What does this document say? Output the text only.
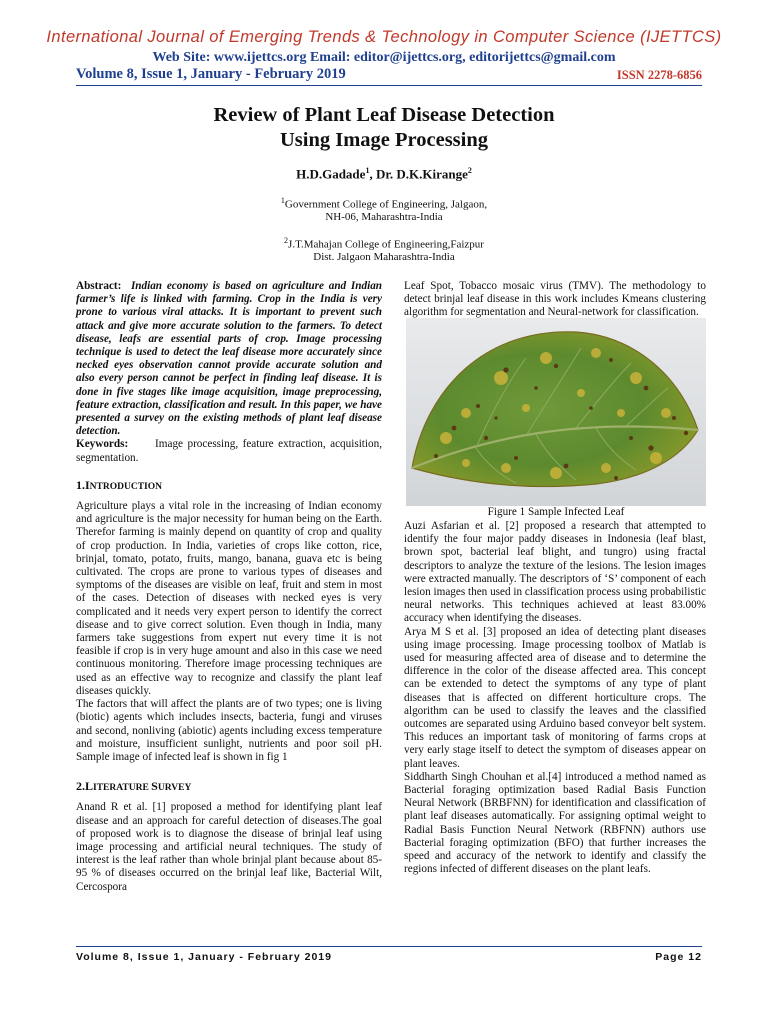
International Journal of Emerging Trends & Technology in Computer Science (IJETTCS)
Web Site: www.ijettcs.org Email: editor@ijettcs.org, editorijettcs@gmail.com
Volume 8, Issue 1, January - February 2019	ISSN 2278-6856
Review of Plant Leaf Disease Detection
Using Image Processing
H.D.Gadade$^1$, Dr. D.K.Kirange$^2$
$^1$Government College of Engineering, Jalgaon,
NH-06, Maharashtra-India
$^2$J.T.Mahajan College of Engineering,Faizpur
Dist. Jalgaon Maharashtra-India

Abstract: Indian economy is based on agriculture and Indian farmer’s life is linked with farming. Crop in the India is very prone to various viral attacks. It is important to prevent such attack and give more accurate solution to the farmers. To detect disease, leafs are essential parts of crop. Image processing technique is used to detect the leaf disease more accurately since necked eyes observation cannot provide accurate solution and also every person cannot be perfect in finding leaf disease. It is done in five stages like image acquisition, image preprocessing, feature extraction, classification and result. In this paper, we have presented a survey on the existing methods of plant leaf disease detection.

Keywords: Image processing, feature extraction, acquisition, segmentation.

1.INTRODUCTION

Agriculture plays a vital role in the increasing of Indian economy and agriculture is the major necessity for human being on the Earth. Therefor farming is mainly depend on quantity of crop and quality of crop production. In India, varieties of crops like cotton, rice, brinjal, tomato, potato, fruits, mango, banana, guava etc is being cultivated. The crops are prone to various types of diseases and symptoms of the diseases are visible on leaf, fruit and stem in most of the cases. Detection of diseases with necked eyes is very complicated and it needs very expert person to identify the correct disease and to give correct solution. Even though in India, many farmers take suggestions from expert nut every time it is not feasible if crop is in very huge amount and also in this case we need continuous monitoring. Therefore image processing techniques are used as an effective way to recognize and classify the plant leaf diseases quickly.

The factors that will affect the plants are of two types; one is living (biotic) agents which includes insects, bacteria, fungi and viruses and second, nonliving (abiotic) agents including excess temperature and moisture, insufficient sunlight, nutrients and poor soil pH. Sample image of infected leaf is shown in fig 1

2.LITERATURE SURVEY

Anand R et al. [1] proposed a method for identifying plant leaf disease and an approach for careful detection of diseases.The goal of proposed work is to diagnose the disease of brinjal leaf using image processing and artificial neural techniques. The study of interest is the leaf rather than whole brinjal plant because about 85-95 % of diseases occurred on the brinjal leaf like, Bacterial Wilt, Cercospora

Leaf Spot, Tobacco mosaic virus (TMV). The methodology to detect brinjal leaf disease in this work includes Kmeans clustering algorithm for segmentation and Neural-network for classification.

Figure 1 Sample Infected Leaf

Auzi Asfarian et al. [2] proposed a research that attempted to identify the four major paddy diseases in Indonesia (leaf blast, brown spot, bacterial leaf blight, and tungro) using fractal descriptors to analyze the texture of the lesions. The lesion images were extracted manually. The descriptors of ‘S’ component of each lesion images then used in classification process using probabilistic neural networks. This techniques achieved at least 83.00% accuracy when identifying the diseases.

Arya M S et al. [3] proposed an idea of detecting plant diseases using image processing. Image processing toolbox of Matlab is used for measuring affected area of disease and to determine the difference in the color of the disease affected area. This concept can be extended to detect the symptoms of any type of plant diseases that is affected on different horticulture crops. The algorithm can be used to classify the leaves and the classified outcomes are separated using Arduino based conveyor belt system. This reduces an important task of monitoring of farms crops at very early stage itself to detect the symptom of diseases appear on plant leaves.

Siddharth Singh Chouhan et al.[4] introduced a method named as Bacterial foraging optimization based Radial Basis Function Neural Network (BRBFNN) for identification and classification of plant leaf diseases automatically. For assigning optimal weight to Radial Basis Function Neural Network (RBFNN) authors use Bacterial foraging optimization (BFO) that further increases the speed and accuracy of the network to identify and classify the regions infected of different diseases on the plant leafs.

Volume 8, Issue 1, January - February 2019	Page 12
